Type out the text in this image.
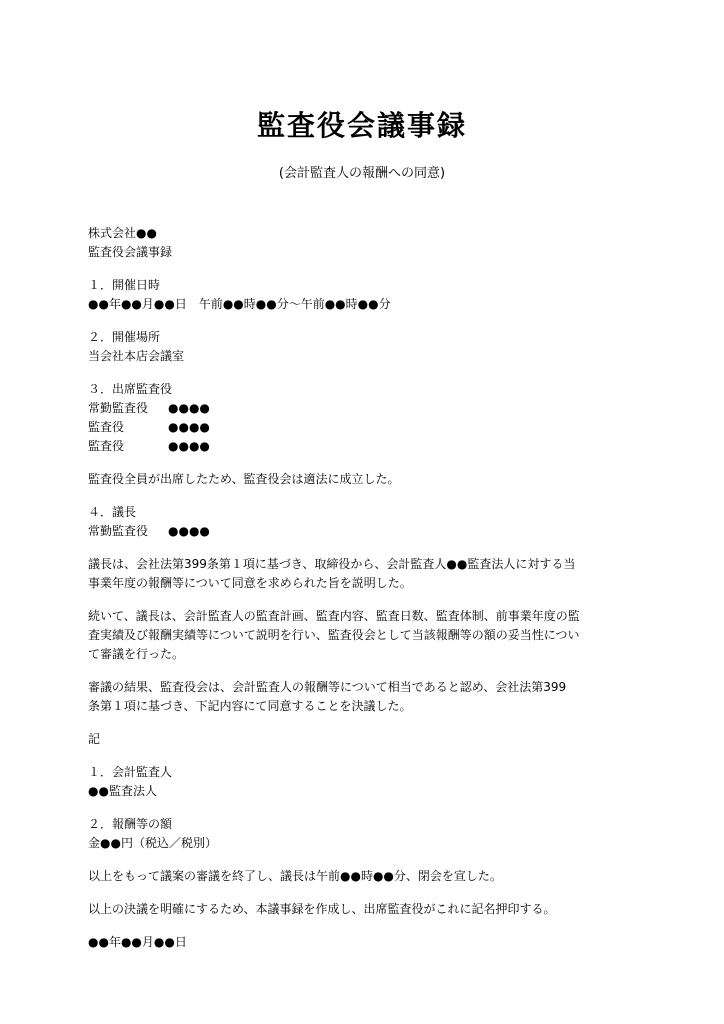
監査役会議事録
(会計監査人の報酬への同意)
株式会社●●
監査役会議事録
１．開催日時
●●年●●月●●日　午前●●時●●分〜午前●●時●●分
２．開催場所
当会社本店会議室
３．出席監査役
常勤監査役	●●●●
監査役	●●●●
監査役	●●●●
監査役全員が出席したため、監査役会は適法に成立した。
４．議長
常勤監査役	●●●●
議長は、会社法第399条第１項に基づき、取締役から、会計監査人●●監査法人に対する当
事業年度の報酬等について同意を求められた旨を説明した。
続いて、議長は、会計監査人の監査計画、監査内容、監査日数、監査体制、前事業年度の監
査実績及び報酬実績等について説明を行い、監査役会として当該報酬等の額の妥当性につい
て審議を行った。
審議の結果、監査役会は、会計監査人の報酬等について相当であると認め、会社法第399
条第１項に基づき、下記内容にて同意することを決議した。
記
１．会計監査人
●●監査法人
２．報酬等の額
金●●円（税込／税別）
以上をもって議案の審議を終了し、議長は午前●●時●●分、閉会を宣した。
以上の決議を明確にするため、本議事録を作成し、出席監査役がこれに記名押印する。
●●年●●月●●日
